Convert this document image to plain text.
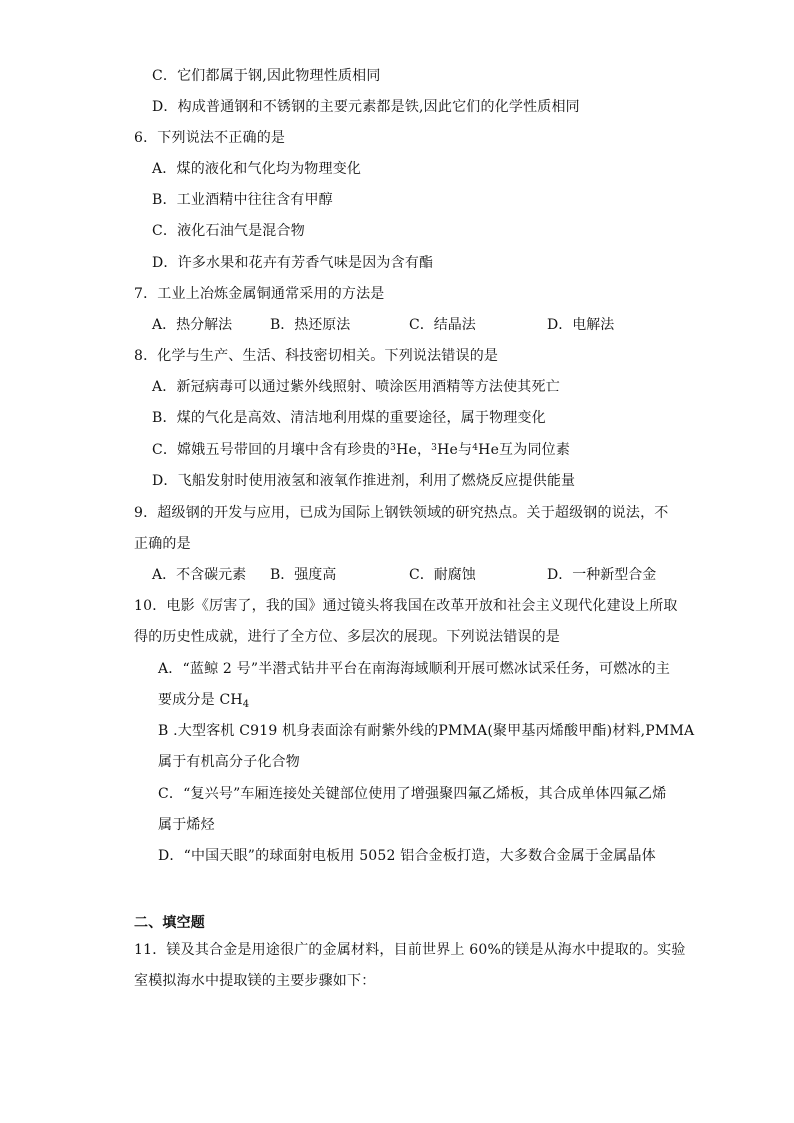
C．它们都属于钢,因此物理性质相同
D．构成普通钢和不锈钢的主要元素都是铁,因此它们的化学性质相同
6．下列说法不正确的是
A．煤的液化和气化均为物理变化
B．工业酒精中往往含有甲醇
C．液化石油气是混合物
D．许多水果和花卉有芳香气味是因为含有酯
7．工业上冶炼金属铜通常采用的方法是
A．热分解法	B．热还原法	C．结晶法	D．电解法
8．化学与生产、生活、科技密切相关。下列说法错误的是
A．新冠病毒可以通过紫外线照射、喷涂医用酒精等方法使其死亡
B．煤的气化是高效、清洁地利用煤的重要途径，属于物理变化
C．嫦娥五号带回的月壤中含有珍贵的$^3$He，$^3$He与$^4$He互为同位素
D．飞船发射时使用液氢和液氧作推进剂，利用了燃烧反应提供能量
9．超级钢的开发与应用，已成为国际上钢铁领域的研究热点。关于超级钢的说法，不
正确的是
A．不含碳元素 B．强度高	C．耐腐蚀	D．一种新型合金
10．电影《厉害了，我的国》通过镜头将我国在改革开放和社会主义现代化建设上所取
得的历史性成就，进行了全方位、多层次的展现。下列说法错误的是
A．“蓝鲸 2 号”半潜式钻井平台在南海海域顺利开展可燃冰试采任务，可燃冰的主
要成分是 $CH_4$
B .大型客机 C919 机身表面涂有耐紫外线的PMMA(聚甲基丙烯酸甲酯)材料,PMMA
属于有机高分子化合物
C．“复兴号”车厢连接处关键部位使用了增强聚四氟乙烯板，其合成单体四氟乙烯
属于烯烃
D．“中国天眼”的球面射电板用 5052 铝合金板打造，大多数合金属于金属晶体
二、填空题
11．镁及其合金是用途很广的金属材料，目前世界上 60%的镁是从海水中提取的。实验
室模拟海水中提取镁的主要步骤如下：
